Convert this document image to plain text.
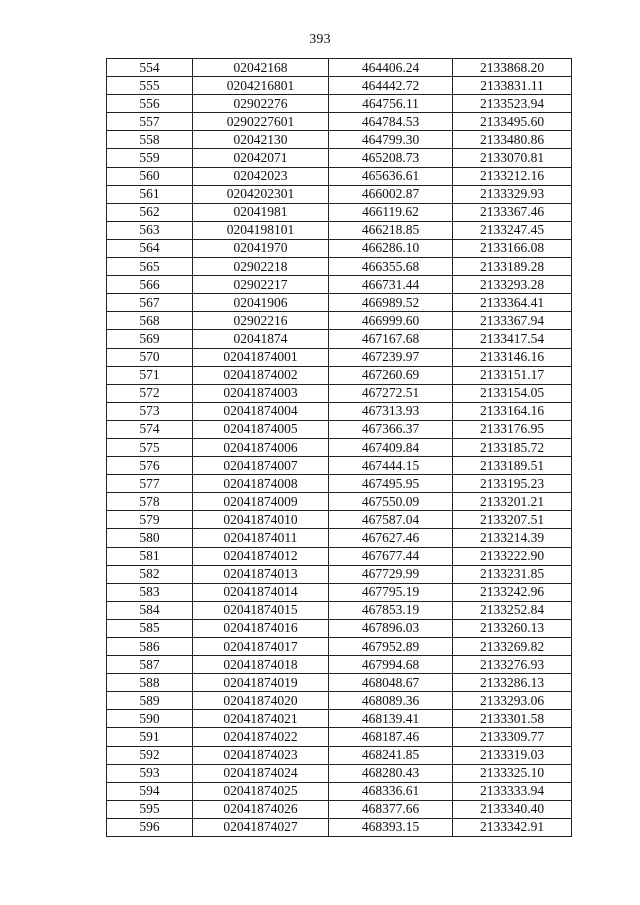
393
554	02042168	464406.24	2133868.20
555	0204216801	464442.72	2133831.11
556	02902276	464756.11	2133523.94
557	0290227601	464784.53	2133495.60
558	02042130	464799.30	2133480.86
559	02042071	465208.73	2133070.81
560	02042023	465636.61	2133212.16
561	0204202301	466002.87	2133329.93
562	02041981	466119.62	2133367.46
563	0204198101	466218.85	2133247.45
564	02041970	466286.10	2133166.08
565	02902218	466355.68	2133189.28
566	02902217	466731.44	2133293.28
567	02041906	466989.52	2133364.41
568	02902216	466999.60	2133367.94
569	02041874	467167.68	2133417.54
570	02041874001	467239.97	2133146.16
571	02041874002	467260.69	2133151.17
572	02041874003	467272.51	2133154.05
573	02041874004	467313.93	2133164.16
574	02041874005	467366.37	2133176.95
575	02041874006	467409.84	2133185.72
576	02041874007	467444.15	2133189.51
577	02041874008	467495.95	2133195.23
578	02041874009	467550.09	2133201.21
579	02041874010	467587.04	2133207.51
580	02041874011	467627.46	2133214.39
581	02041874012	467677.44	2133222.90
582	02041874013	467729.99	2133231.85
583	02041874014	467795.19	2133242.96
584	02041874015	467853.19	2133252.84
585	02041874016	467896.03	2133260.13
586	02041874017	467952.89	2133269.82
587	02041874018	467994.68	2133276.93
588	02041874019	468048.67	2133286.13
589	02041874020	468089.36	2133293.06
590	02041874021	468139.41	2133301.58
591	02041874022	468187.46	2133309.77
592	02041874023	468241.85	2133319.03
593	02041874024	468280.43	2133325.10
594	02041874025	468336.61	2133333.94
595	02041874026	468377.66	2133340.40
596	02041874027	468393.15	2133342.91
